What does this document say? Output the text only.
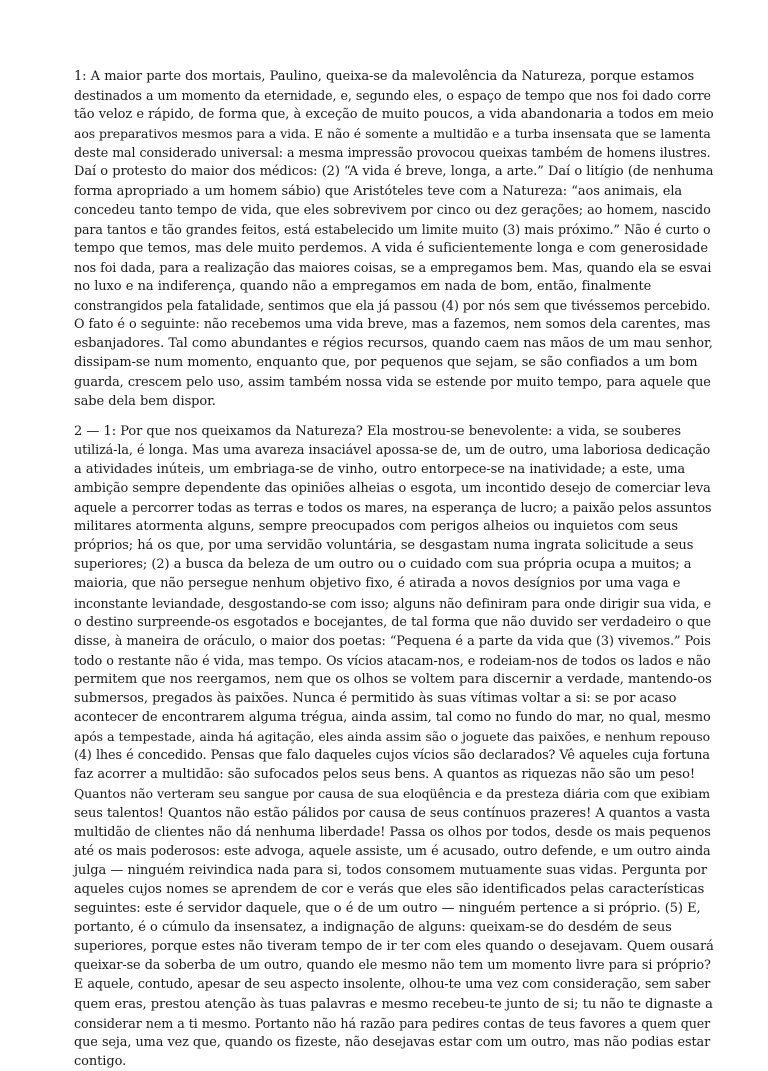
1: A maior parte dos mortais, Paulino, queixa-se da malevolência da Natureza, porque estamos
destinados a um momento da eternidade, e, segundo eles, o espaço de tempo que nos foi dado corre
tão veloz e rápido, de forma que, à exceção de muito poucos, a vida abandonaria a todos em meio
aos preparativos mesmos para a vida. E não é somente a multidão e a turba insensata que se lamenta
deste mal considerado universal: a mesma impressão provocou queixas também de homens ilustres.
Daí o protesto do maior dos médicos: (2) “A vida é breve, longa, a arte.” Daí o litígio (de nenhuma
forma apropriado a um homem sábio) que Aristóteles teve com a Natureza: “aos animais, ela
concedeu tanto tempo de vida, que eles sobrevivem por cinco ou dez gerações; ao homem, nascido
para tantos e tão grandes feitos, está estabelecido um limite muito (3) mais próximo.” Não é curto o
tempo que temos, mas dele muito perdemos. A vida é suficientemente longa e com generosidade
nos foi dada, para a realização das maiores coisas, se a empregamos bem. Mas, quando ela se esvai
no luxo e na indiferença, quando não a empregamos em nada de bom, então, finalmente
constrangidos pela fatalidade, sentimos que ela já passou (4) por nós sem que tivéssemos percebido.
O fato é o seguinte: não recebemos uma vida breve, mas a fazemos, nem somos dela carentes, mas
esbanjadores. Tal como abundantes e régios recursos, quando caem nas mãos de um mau senhor,
dissipam-se num momento, enquanto que, por pequenos que sejam, se são confiados a um bom
guarda, crescem pelo uso, assim também nossa vida se estende por muito tempo, para aquele que
sabe dela bem dispor.
2 — 1: Por que nos queixamos da Natureza? Ela mostrou-se benevolente: a vida, se souberes
utilizá-la, é longa. Mas uma avareza insaciável apossa-se de, um de outro, uma laboriosa dedicação
a atividades inúteis, um embriaga-se de vinho, outro entorpece-se na inatividade; a este, uma
ambição sempre dependente das opiniões alheias o esgota, um incontido desejo de comerciar leva
aquele a percorrer todas as terras e todos os mares, na esperança de lucro; a paixão pelos assuntos
militares atormenta alguns, sempre preocupados com perigos alheios ou inquietos com seus
próprios; há os que, por uma servidão voluntária, se desgastam numa ingrata solicitude a seus
superiores; (2) a busca da beleza de um outro ou o cuidado com sua própria ocupa a muitos; a
maioria, que não persegue nenhum objetivo fixo, é atirada a novos desígnios por uma vaga e
inconstante leviandade, desgostando-se com isso; alguns não definiram para onde dirigir sua vida, e
o destino surpreende-os esgotados e bocejantes, de tal forma que não duvido ser verdadeiro o que
disse, à maneira de oráculo, o maior dos poetas: “Pequena é a parte da vida que (3) vivemos.” Pois
todo o restante não é vida, mas tempo. Os vícios atacam-nos, e rodeiam-nos de todos os lados e não
permitem que nos reergamos, nem que os olhos se voltem para discernir a verdade, mantendo-os
submersos, pregados às paixões. Nunca é permitido às suas vítimas voltar a si: se por acaso
acontecer de encontrarem alguma trégua, ainda assim, tal como no fundo do mar, no qual, mesmo
após a tempestade, ainda há agitação, eles ainda assim são o joguete das paixões, e nenhum repouso
(4) lhes é concedido. Pensas que falo daqueles cujos vícios são declarados? Vê aqueles cuja fortuna
faz acorrer a multidão: são sufocados pelos seus bens. A quantos as riquezas não são um peso!
Quantos não verteram seu sangue por causa de sua eloqüência e da presteza diária com que exibiam
seus talentos! Quantos não estão pálidos por causa de seus contínuos prazeres! A quantos a vasta
multidão de clientes não dá nenhuma liberdade! Passa os olhos por todos, desde os mais pequenos
até os mais poderosos: este advoga, aquele assiste, um é acusado, outro defende, e um outro ainda
julga — ninguém reivindica nada para si, todos consomem mutuamente suas vidas. Pergunta por
aqueles cujos nomes se aprendem de cor e verás que eles são identificados pelas características
seguintes: este é servidor daquele, que o é de um outro — ninguém pertence a si próprio. (5) E,
portanto, é o cúmulo da insensatez, a indignação de alguns: queixam-se do desdém de seus
superiores, porque estes não tiveram tempo de ir ter com eles quando o desejavam. Quem ousará
queixar-se da soberba de um outro, quando ele mesmo não tem um momento livre para si próprio?
E aquele, contudo, apesar de seu aspecto insolente, olhou-te uma vez com consideração, sem saber
quem eras, prestou atenção às tuas palavras e mesmo recebeu-te junto de si; tu não te dignaste a
considerar nem a ti mesmo. Portanto não há razão para pedires contas de teus favores a quem quer
que seja, uma vez que, quando os fizeste, não desejavas estar com um outro, mas não podias estar
contigo.
